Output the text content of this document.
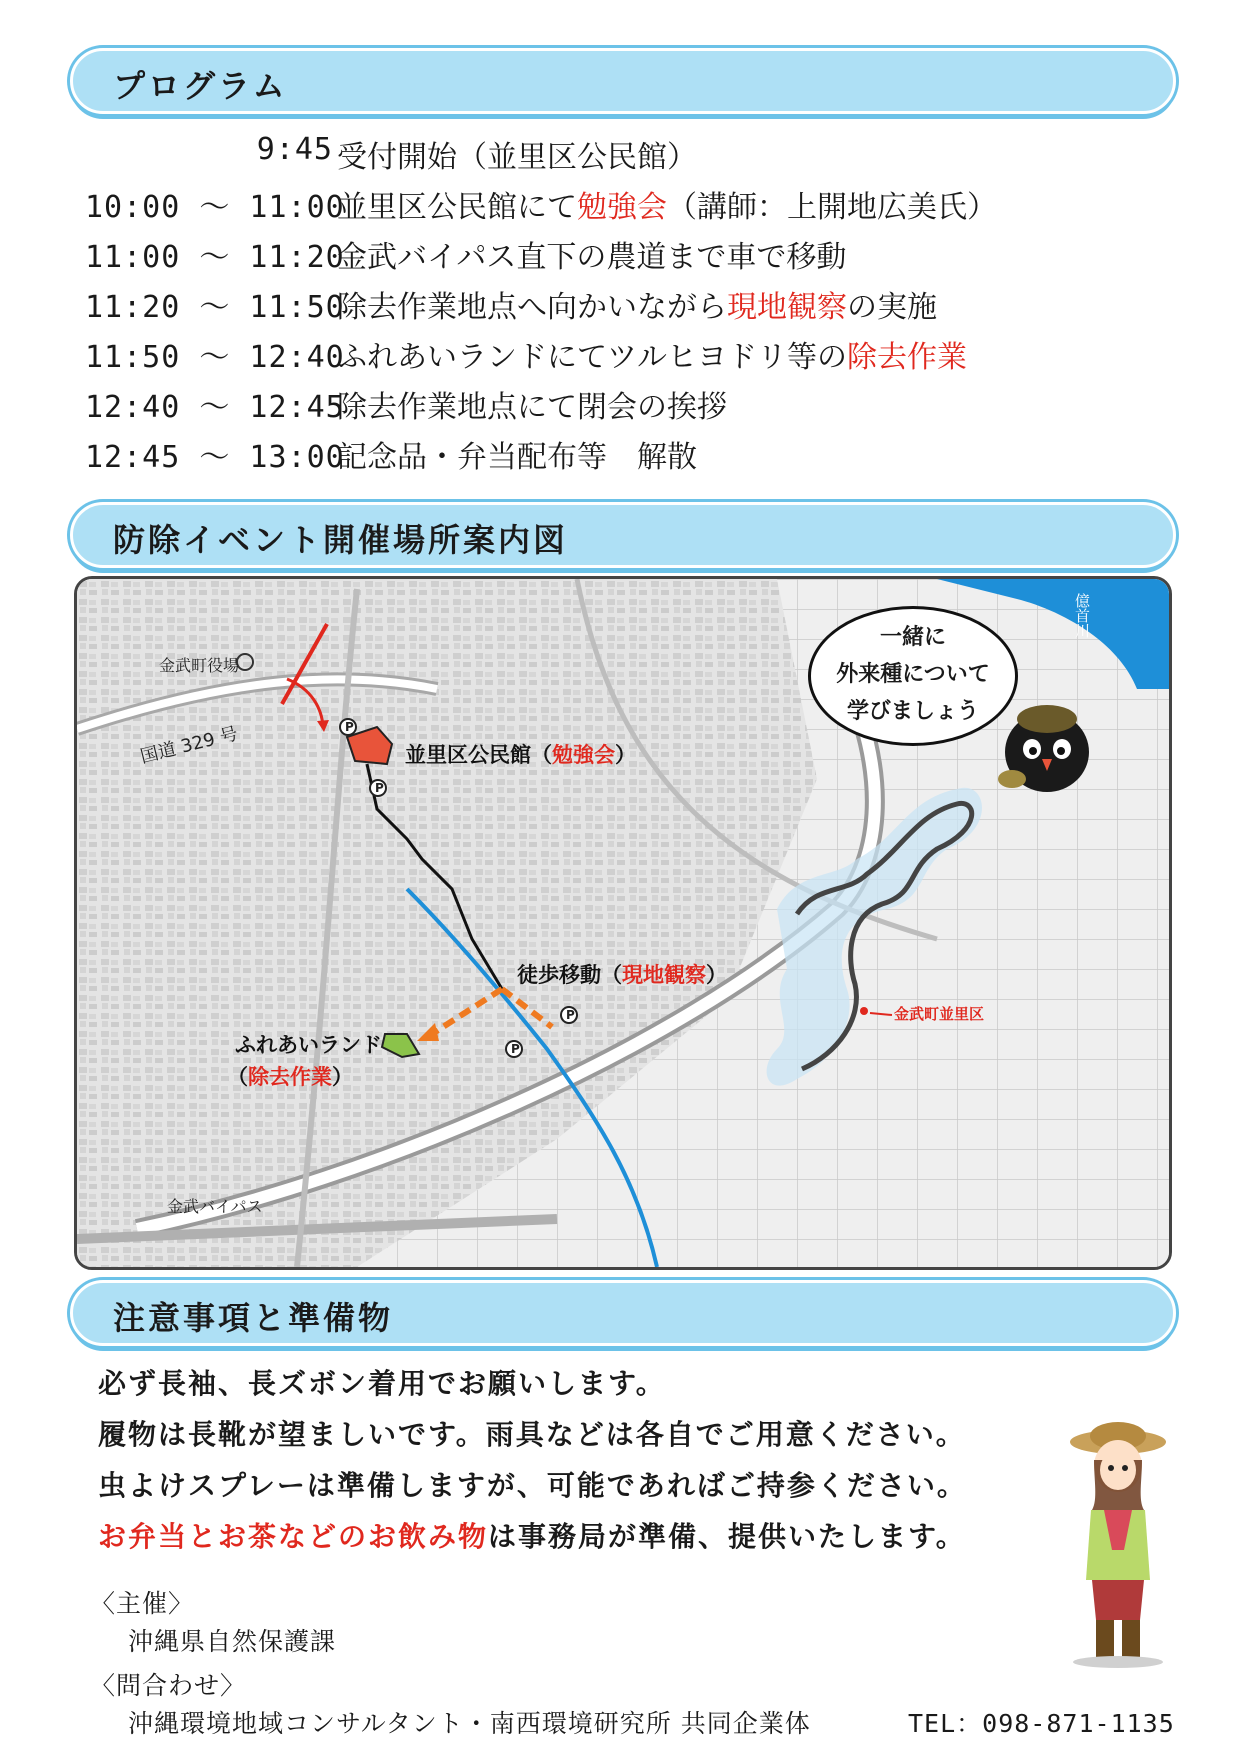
プログラム
9:45 受付開始（並里区公民館）
10:00 ～ 11:00
並里区公民館にて勉強会（講師：上開地広美氏）
11:00 ～ 11:20
金武バイパス直下の農道まで車で移動
11:20 ～ 11:50
除去作業地点へ向かいながら現地観察の実施
11:50 ～ 12:40
ふれあいランドにてツルヒヨドリ等の除去作業
12:40 ～ 12:45
除去作業地点にて閉会の挨拶
12:45 ～ 13:00
記念品・弁当配布等　解散
防除イベント開催場所案内図
金武町役場
国道 329 号	P
P
P
P
並里区公民館（勉強会）
徒歩移動（現地観察）
ふれあいランド
（除去作業）
金武バイパス
億首川
金武町並里区
一緒に
外来種について
学びましょう
注意事項と準備物
必ず長袖、長ズボン着用でお願いします。
履物は長靴が望ましいです。雨具などは各自でご用意ください。
虫よけスプレーは準備しますが、可能であればご持参ください。
お弁当とお茶などのお飲み物は事務局が準備、提供いたします。
〈主催〉
沖縄県自然保護課
〈問合わせ〉
沖縄環境地域コンサルタント・南西環境研究所 共同企業体	TEL：098-871-1135
